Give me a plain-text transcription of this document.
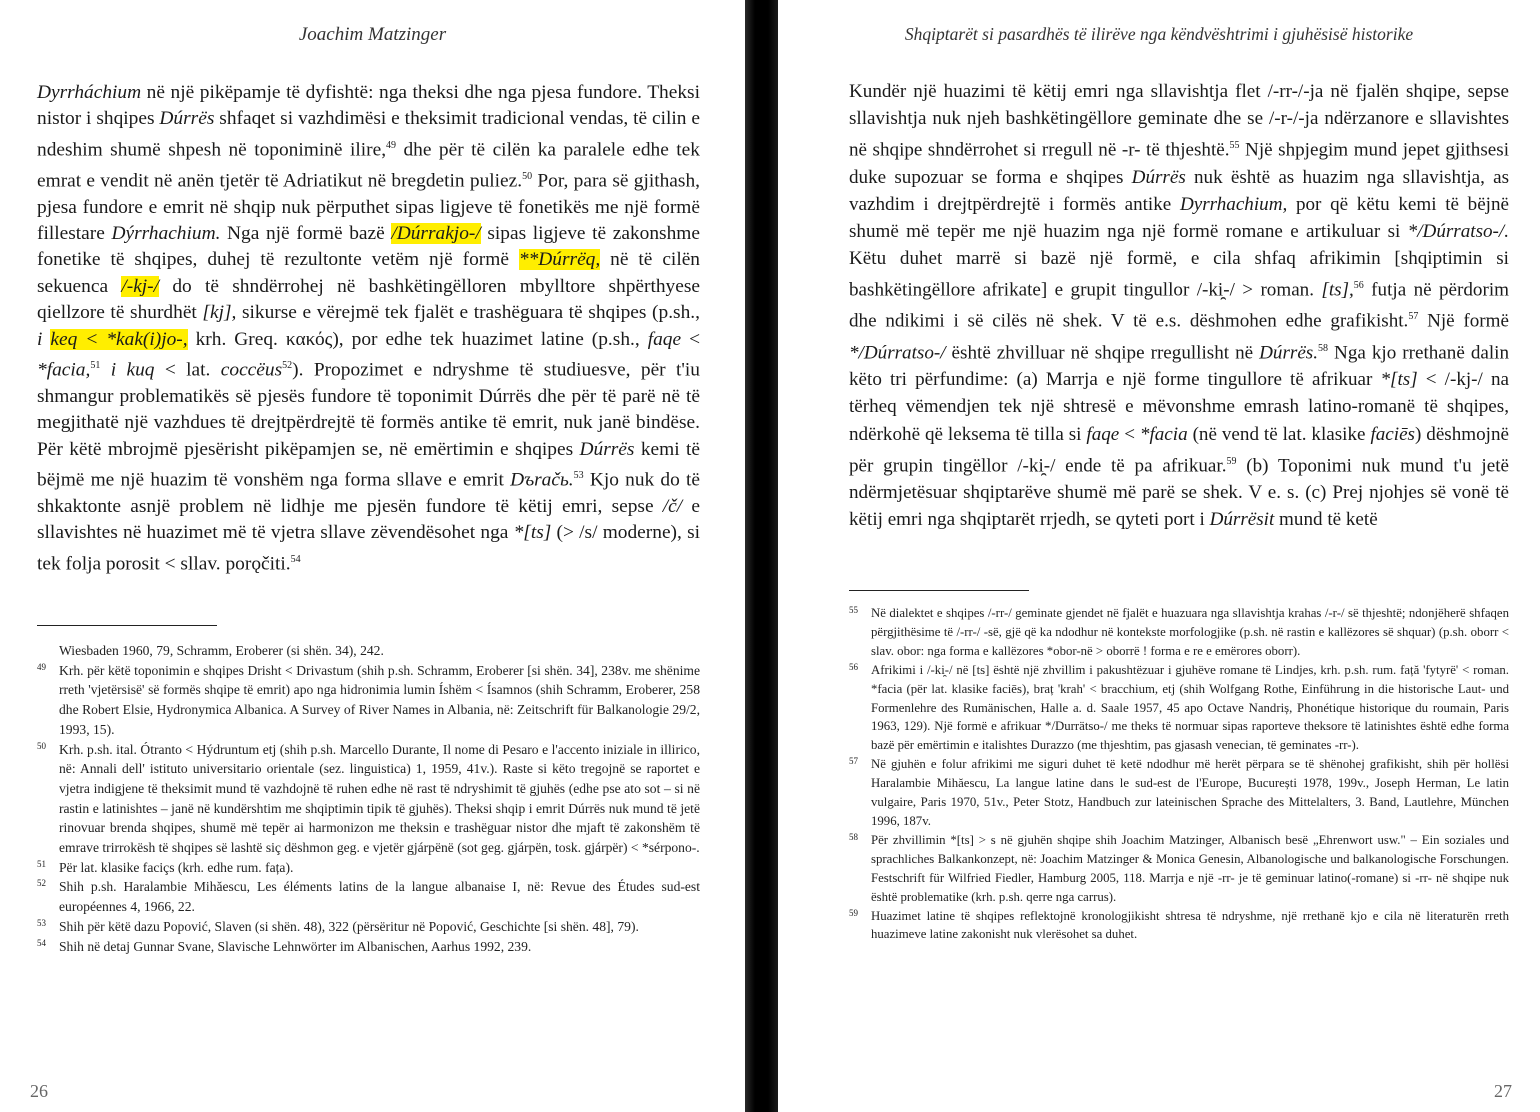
Joachim Matzinger
Dyrrháchium në një pikëpamje të dyfishtë: nga theksi dhe nga pjesa fundore. Theksi nistor i shqipes Dúrrës shfaqet si vazhdimësi e theksimit tradicional vendas, të cilin e ndeshim shumë shpesh në toponiminë ilire,$^{49}$ dhe për të cilën ka paralele edhe tek emrat e vendit në anën tjetër të Adriatikut në bregdetin puliez.$^{50}$ Por, para së gjithash, pjesa fundore e emrit në shqip nuk përputhet sipas ligjeve të fonetikës me një formë fillestare Dýrrhachium. Nga një formë bazë /Dúrrakjo-/ sipas ligjeve të zakonshme fonetike të shqipes, duhej të rezultonte vetëm një formë **Dúrrëq, në të cilën sekuenca /-kj-/ do të shndërrohej në bashkëtingëlloren mbylltore shpërthyese qiellzore të shurdhët [kj], sikurse e vërejmë tek fjalët e trashëguara të shqipes (p.sh., i keq < *kak(i)jo-, krh. Greq. κακός), por edhe tek huazimet latine (p.sh., faqe < *facia,$^{51}$ i kuq < lat. coccëus$^{52}$). Propozimet e ndryshme të studiuesve, për t'iu shmangur problematikës së pjesës fundore të toponimit Dúrrës dhe për të parë në të megjithatë një vazhdues të drejtpërdrejtë të formës antike të emrit, nuk janë bindëse. Për këtë mbrojmë pjesërisht pikëpamjen se, në emërtimin e shqipes Dúrrës kemi të bëjmë me një huazim të vonshëm nga forma sllave e emrit Dъračь.$^{53}$ Kjo nuk do të shkaktonte asnjë problem në lidhje me pjesën fundore të këtij emri, sepse /č/ e sllavishtes në huazimet më të vjetra sllave zëvendësohet nga *[ts] (> /s/ moderne), si tek folja porosit < sllav. porǫčiti.$^{54}$

Wiesbaden 1960, 79, Schramm, Eroberer (si shën. 34), 242.

49 Krh. për këtë toponimin e shqipes Drisht < Drivastum (shih p.sh. Schramm, Eroberer [si shën. 34], 238v. me shënime rreth 'vjetërsisë' së formës shqipe të emrit) apo nga hidronimia lumin Íshëm < Ísamnos (shih Schramm, Eroberer, 258 dhe Robert Elsie, Hydronymica Albanica. A Survey of River Names in Albania, në: Zeitschrift für Balkanologie 29/2, 1993, 15).

50 Krh. p.sh. ital. Ótranto < Hýdruntum etj (shih p.sh. Marcello Durante, Il nome di Pesaro e l'accento iniziale in illirico, në: Annali dell' istituto universitario orientale (sez. linguistica) 1, 1959, 41v.). Raste si këto tregojnë se raportet e vjetra indigjene të theksimit mund të vazhdojnë të ruhen edhe në rast të ndryshimit të gjuhës (edhe pse ato sot – si në rastin e latinishtes – janë në kundërshtim me shqiptimin tipik të gjuhës). Theksi shqip i emrit Dúrrës nuk mund të jetë rinovuar brenda shqipes, shumë më tepër ai harmonizon me theksin e trashëguar nistor dhe mjaft të zakonshëm të emrave trirrokësh të shqipes së lashtë siç dëshmon geg. e vjetër gjárpënë (sot geg. gjárpën, tosk. gjárpër) < *sérpono-.

51 Për lat. klasike faciçs (krh. edhe rum. fața).

52 Shih p.sh. Haralambie Mihăescu, Les éléments latins de la langue albanaise I, në: Revue des Études sud-est européennes 4, 1966, 22.

53 Shih për këtë dazu Popović, Slaven (si shën. 48), 322 (përsëritur në Popović, Geschichte [si shën. 48], 79).

54 Shih në detaj Gunnar Svane, Slavische Lehnwörter im Albanischen, Aarhus 1992, 239.

26
Shqiptarët si pasardhës të ilirëve nga këndvështrimi i gjuhësisë historike
Kundër një huazimi të këtij emri nga sllavishtja flet /-rr-/-ja në fjalën shqipe, sepse sllavishtja nuk njeh bashkëtingëllore geminate dhe se /-r-/-ja ndërzanore e sllavishtes në shqipe shndërrohet si rregull në -r- të thjeshtë.$^{55}$ Një shpjegim mund jepet gjithsesi duke supozuar se forma e shqipes Dúrrës nuk është as huazim nga sllavishtja, as vazhdim i drejtpërdrejtë i formës antike Dyrrhachium, por që këtu kemi të bëjnë shumë më tepër me një huazim nga një formë romane e artikuluar si */Dúrratso-/. Këtu duhet marrë si bazë një formë, e cila shfaq afrikimin [shqiptimin si bashkëtingëllore afrikate] e grupit tingullor /-ki̯-/ > roman. [ts],$^{56}$ futja në përdorim dhe ndikimi i së cilës në shek. V të e.s. dëshmohen edhe grafikisht.$^{57}$ Një formë */Dúrratso-/ është zhvilluar në shqipe rregullisht në Dúrrës.$^{58}$ Nga kjo rrethanë dalin këto tri përfundime: (a) Marrja e një forme tingullore të afrikuar *[ts] < /-kj-/ na tërheq vëmendjen tek një shtresë e mëvonshme emrash latino-romanë të shqipes, ndërkohë që leksema të tilla si faqe < *facia (në vend të lat. klasike faciēs) dëshmojnë për grupin tingëllor /-ki̯-/ ende të pa afrikuar.$^{59}$ (b) Toponimi nuk mund t'u jetë ndërmjetësuar shqiptarëve shumë më parë se shek. V e. s. (c) Prej njohjes së vonë të këtij emri nga shqiptarët rrjedh, se qyteti port i Dúrrësit mund të ketë

55 Në dialektet e shqipes /-rr-/ geminate gjendet në fjalët e huazuara nga sllavishtja krahas /-r-/ së thjeshtë; ndonjëherë shfaqen përgjithësime të /-rr-/ -së, gjë që ka ndodhur në kontekste morfologjike (p.sh. në rastin e kallëzores së shquar) (p.sh. oborr < slav. obor: nga forma e kallëzores *obor-në > oborrë ! forma e re e emërores oborr).

56 Afrikimi i /-ki̯-/ në [ts] është një zhvillim i pakushtëzuar i gjuhëve romane të Lindjes, krh. p.sh. rum. față 'fytyrë' < roman. *facia (për lat. klasike faciēs), braț 'krah' < bracchium, etj (shih Wolfgang Rothe, Einführung in die historische Laut- und Formenlehre des Rumänischen, Halle a. d. Saale 1957, 45 apo Octave Nandriș, Phonétique historique du roumain, Paris 1963, 129). Një formë e afrikuar */Durrätso-/ me theks të normuar sipas raporteve theksore të latinishtes është edhe forma bazë për emërtimin e italishtes Durazzo (me thjeshtim, pas gjasash venecian, të geminates -rr-).

57 Në gjuhën e folur afrikimi me siguri duhet të ketë ndodhur më herët përpara se të shënohej grafikisht, shih për hollësi Haralambie Mihăescu, La langue latine dans le sud-est de l'Europe, București 1978, 199v., Joseph Herman, Le latin vulgaire, Paris 1970, 51v., Peter Stotz, Handbuch zur lateinischen Sprache des Mittelalters, 3. Band, Lautlehre, München 1996, 187v.

58 Për zhvillimin *[ts] > s në gjuhën shqipe shih Joachim Matzinger, Albanisch besë „Ehrenwort usw." – Ein soziales und sprachliches Balkankonzept, në: Joachim Matzinger & Monica Genesin, Albanologische und balkanologische Forschungen. Festschrift für Wilfried Fiedler, Hamburg 2005, 118. Marrja e një -rr- je të geminuar latino(-romane) si -rr- në shqipe nuk është problematike (krh. p.sh. qerre nga carrus).

59 Huazimet latine të shqipes reflektojnë kronologjikisht shtresa të ndryshme, një rrethanë kjo e cila në literaturën rreth huazimeve latine zakonisht nuk vlerësohet sa duhet.

27
